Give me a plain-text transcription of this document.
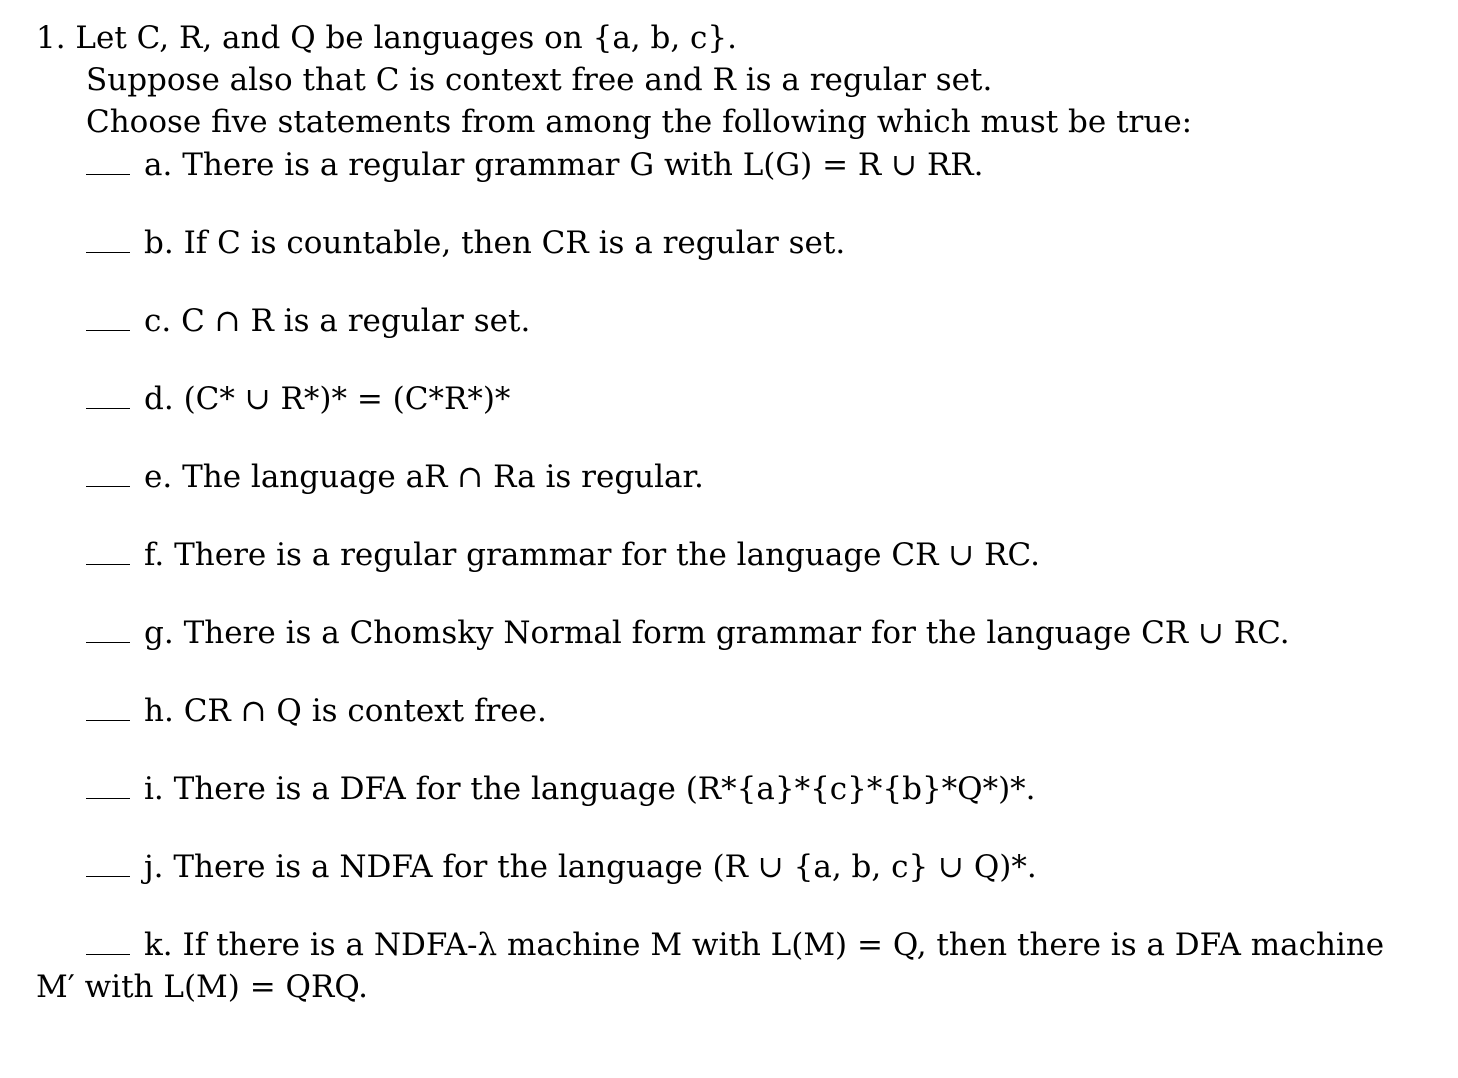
1. Let C, R, and Q be languages on {a, b, c}.
Suppose also that C is context free and R is a regular set.
Choose five statements from among the following which must be true:
a. There is a regular grammar G with L(G) = R ∪ RR.
b. If C is countable, then CR is a regular set.
c. C ∩ R is a regular set.
d. (C* ∪ R*)* = (C*R*)*
e. The language aR ∩ Ra is regular.
f. There is a regular grammar for the language CR ∪ RC.
g. There is a Chomsky Normal form grammar for the language CR ∪ RC.
h. CR ∩ Q is context free.
i. There is a DFA for the language (R*{a}*{c}*{b}*Q*)*.
j. There is a NDFA for the language (R ∪ {a, b, c} ∪ Q)*.
k. If there is a NDFA-λ machine M with L(M) = Q, then there is a DFA machine
M′ with L(M) = QRQ.
